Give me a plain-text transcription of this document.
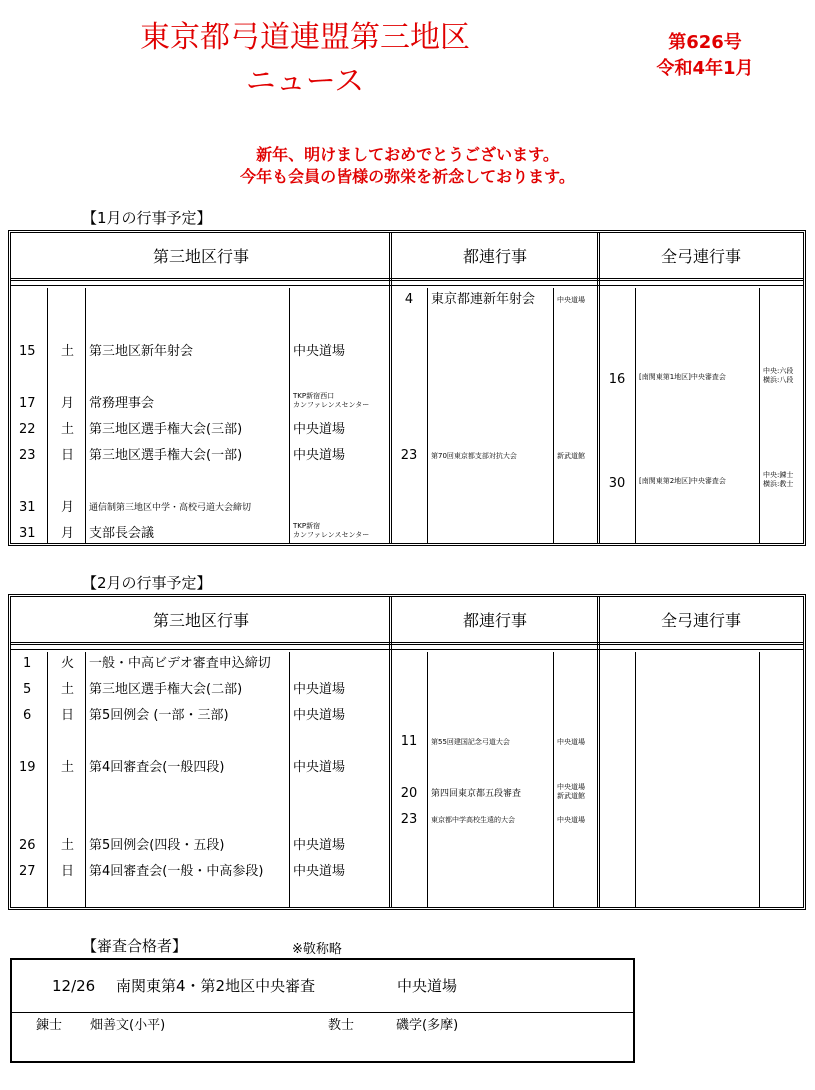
東京都弓道連盟第三地区
ニュース
第626号
令和4年1月
新年、明けましておめでとうございます。
今年も会員の皆様の弥栄を祈念しております。
【1月の行事予定】
第三地区行事	都連行事	全弓連行事
15 土 第三地区新年射会	中央道場
17 月 常務理事会	TKP新宿西口
カンファレンスセンター
22 土 第三地区選手権大会(三部)	中央道場
23 日 第三地区選手権大会(一部)	中央道場
31 月 通信制第三地区中学・高校弓道大会締切
31 月 支部長会議	TKP新宿
カンファレンスセンター
4	東京都連新年射会	中央道場
23	第70回東京都支部対抗大会	新武道館
16	[南関東第1地区]中央審査会
中央:六段
横浜:八段
30	[南関東第2地区]中央審査会
中央:錬士
横浜:教士
【2月の行事予定】
第三地区行事	都連行事	全弓連行事
1 火 一般・中高ビデオ審査申込締切
5 土 第三地区選手権大会(二部)	中央道場
6 日 第5回例会 (一部・三部)	中央道場
19 土 第4回審査会(一般四段)	中央道場
26 土 第5回例会(四段・五段)	中央道場
27 日 第4回審査会(一般・中高参段) 中央道場
11	第55回建国記念弓道大会	中央道場
20	第四回東京都五段審査
中央道場
新武道館
23	東京都中学高校生遠的大会	中央道場
【審査合格者】	※敬称略
12/26 南関東第4・第2地区中央審査	中央道場
錬士 畑善文(小平)	教士	磯学(多摩)
